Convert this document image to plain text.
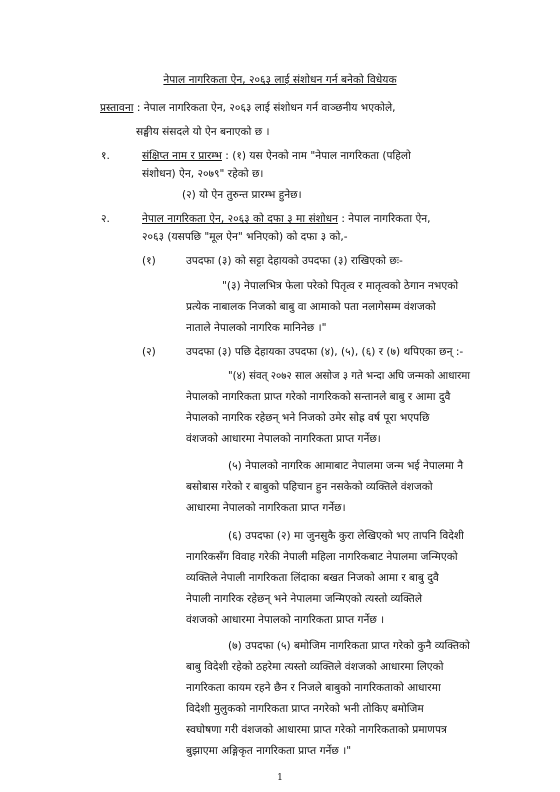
नेपाल नागरिकता ऐन, २०६३ लाई संशोधन गर्न बनेको विधेयक
प्रस्तावना : नेपाल नागरिकता ऐन, २०६३ लाई संशोधन गर्न वाञ्छनीय भएकोले,
सङ्घीय संसदले यो ऐन बनाएको छ ।
१.	संक्षिप्त नाम र प्रारम्भ : (१) यस ऐनको नाम "नेपाल नागरिकता (पहिलो
संशोधन) ऐन, २०७९" रहेको छ।
(२) यो ऐन तुरुन्त प्रारम्भ हुनेछ।
२.	नेपाल नागरिकता ऐन, २०६३ को दफा ३ मा संशोधन : नेपाल नागरिकता ऐन,
२०६३ (यसपछि "मूल ऐन" भनिएको) को दफा ३ को,-
(१)	उपदफा (३) को सट्टा देहायको उपदफा (३) राखिएको छः-
"(३) नेपालभित्र फेला परेको पितृत्व र मातृत्वको ठेगान नभएको
प्रत्येक नाबालक निजको बाबु वा आमाको पता नलागेसम्म वंशजको
नाताले नेपालको नागरिक मानिनेछ ।"
(२)	उपदफा (३) पछि देहायका उपदफा (४), (५), (६) र (७) थपिएका छन् :-
"(४) संवत् २०७२ साल असोज ३ गते भन्दा अघि जन्मको आधारमा
नेपालको नागरिकता प्राप्त गरेको नागरिकको सन्तानले बाबु र आमा दुवै
नेपालको नागरिक रहेछन् भने निजको उमेर सोह्र वर्ष पूरा भएपछि
वंशजको आधारमा नेपालको नागरिकता प्राप्त गर्नेछ।
(५) नेपालको नागरिक आमाबाट नेपालमा जन्म भई नेपालमा नै
बसोबास गरेको र बाबुको पहिचान हुन नसकेको व्यक्तिले वंशजको
आधारमा नेपालको नागरिकता प्राप्त गर्नेछ।
(६) उपदफा (२) मा जुनसुकै कुरा लेखिएको भए तापनि विदेशी
नागरिकसँग विवाह गरेकी नेपाली महिला नागरिकबाट नेपालमा जन्मिएको
व्यक्तिले नेपाली नागरिकता लिंदाका बखत निजको आमा र बाबु दुवै
नेपाली नागरिक रहेछन् भने नेपालमा जन्मिएको त्यस्तो व्यक्तिले
वंशजको आधारमा नेपालको नागरिकता प्राप्त गर्नेछ ।
(७) उपदफा (५) बमोजिम नागरिकता प्राप्त गरेको कुनै व्यक्तिको
बाबु विदेशी रहेको ठहरेमा त्यस्तो व्यक्तिले वंशजको आधारमा लिएको
नागरिकता कायम रहने छैन र निजले बाबुको नागरिकताको आधारमा
विदेशी मुलुकको नागरिकता प्राप्त नगरेको भनी तोकिए बमोजिम
स्वघोषणा गरी वंशजको आधारमा प्राप्त गरेको नागरिकताको प्रमाणपत्र
बुझाएमा अङ्गिकृत नागरिकता प्राप्त गर्नेछ ।"
1
